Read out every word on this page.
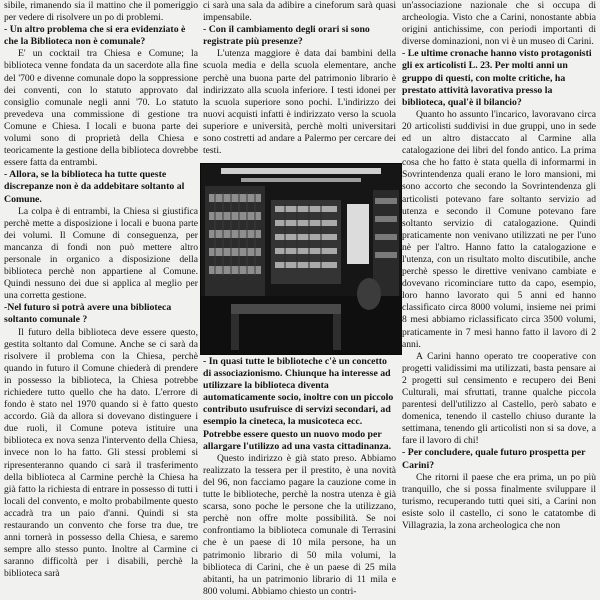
sibile, rimanendo sia il mattino che il pomeriggio per vedere di risolvere un po di problemi.

- Un altro problema che si era evidenziato è che la Biblioteca non è comunale?

E' un cocktail tra Chiesa e Comune; la biblioteca venne fondata da un sacerdote alla fine del '700 e divenne comunale dopo la soppressione dei conventi, con lo statuto approvato dal consiglio comunale negli anni '70. Lo statuto prevedeva una commissione di gestione tra Comune e Chiesa. I locali e buona parte dei volumi sono di proprietà della Chiesa e teoricamente la gestione della biblioteca dovrebbe essere fatta da entrambi.

- Allora, se la biblioteca ha tutte queste discrepanze non è da addebitare soltanto al Comune.

La colpa è di entrambi, la Chiesa si giustifica perchè mette a disposizione i locali e buona parte dei volumi. Il Comune di conseguenza, per mancanza di fondi non può mettere altro personale in organico a disposizione della biblioteca perchè non appartiene al Comune. Quindi nessuno dei due si applica al meglio per una corretta gestione.

-Nel futuro si potrà avere una biblioteca soltanto comunale ?

Il futuro della biblioteca deve essere questo, gestita soltanto dal Comune. Anche se ci sarà da risolvere il problema con la Chiesa, perchè quando in futuro il Comune chiederà di prendere in possesso la biblioteca, la Chiesa potrebbe richiedere tutto quello che ha dato. L'errore di fondo è stato nel 1970 quando si è fatto questo accordo. Già da allora si dovevano distinguere i due ruoli, il Comune poteva istituire una biblioteca ex nova senza l'intervento della Chiesa, invece non lo ha fatto. Gli stessi problemi si ripresenteranno quando ci sarà il trasferimento della biblioteca al Carmine perchè la Chiesa ha già fatto la richiesta di entrare in possesso di tutti i locali del convento, e molto probabilmente questo accadrà tra un paio d'anni. Quindi si sta restaurando un convento che forse tra due, tre anni tornerà in possesso della Chiesa, e saremo sempre allo stesso punto. Inoltre al Carmine ci saranno difficoltà per i disabili, perchè la biblioteca sarà

ci sarà una sala da adibire a cineforum sarà quasi impensabile.

- Con il cambiamento degli orari si sono registrate più presenze?

L'utenza maggiore è data dai bambini della scuola media e della scuola elementare, anche perchè una buona parte del patrimonio librario è indirizzato alla scuola inferiore. I testi idonei per la scuola superiore sono pochi. L'indirizzo dei nuovi acquisti infatti è indirizzato verso la scuola superiore e università, perchè molti universitari sono costretti ad andare a Palermo per cercare dei testi.

- In quasi tutte le biblioteche c'è un concetto di associazionismo. Chiunque ha interesse ad utilizzare la biblioteca diventa automaticamente socio, inoltre con un piccolo contributo usufruisce di servizi secondari, ad esempio la cineteca, la musicoteca ecc. Potrebbe essere questo un nuovo modo per allargare l'utilizzo ad una vasta cittadinanza.

Questo indirizzo è già stato preso. Abbiamo realizzato la tessera per il prestito, è una novità del 96, non facciamo pagare la cauzione come in tutte le biblioteche, perchè la nostra utenza è già scarsa, sono poche le persone che la utilizzano, perchè non offre molte possibilità. Se noi confrontiamo la biblioteca comunale di Terrasini che è un paese di 10 mila persone, ha un patrimonio librario di 50 mila volumi, la biblioteca di Carini, che è un paese di 25 mila abitanti, ha un patrimonio librario di 11 mila e 800 volumi. Abbiamo chiesto un contri-

un'associazione nazionale che si occupa di archeologia. Visto che a Carini, nonostante abbia origini antichissime, con periodi importanti di diverse dominazioni, non vi è un museo di Carini.

- Le ultime cronache hanno visto protagonisti gli ex articolisti L. 23. Per molti anni un gruppo di questi, con molte critiche, ha prestato attività lavorativa presso la biblioteca, qual'è il bilancio?

Quanto ho assunto l'incarico, lavoravano circa 20 articolisti suddivisi in due gruppi, uno in sede ed un altro distaccato al Carmine alla catalogazione dei libri del fondo antico. La prima cosa che ho fatto è stata quella di informarmi in Sovrintendenza quali erano le loro mansioni, mi sono accorto che secondo la Sovrintendenza gli articolisti potevano fare soltanto servizio ad utenza e secondo il Comune potevano fare soltanto servizio di catalogazione. Quindi praticamente non venivano utilizzati ne per l'uno nè per l'altro. Hanno fatto la catalogazione e l'utenza, con un risultato molto discutibile, anche perchè spesso le direttive venivano cambiate e dovevano ricominciare tutto da capo, esempio, loro hanno lavorato qui 5 anni ed hanno classificato circa 8000 volumi, insieme nei primi 8 mesi abbiamo riclassificato circa 3500 volumi, praticamente in 7 mesi hanno fatto il lavoro di 2 anni.

A Carini hanno operato tre cooperative con progetti validissimi ma utilizzati, basta pensare ai 2 progetti sul censimento e recupero dei Beni Culturali, mai sfruttati, tranne qualche piccola parentesi dell'utilizzo al Castello, però sabato e domenica, tenendo il castello chiuso durante la settimana, tenendo gli articolisti non si sa dove, a fare il lavoro di chi!

- Per concludere, quale futuro prospetta per Carini?

Che ritorni il paese che era prima, un po più tranquillo, che si possa finalmente sviluppare il turismo, recuperando tutti quei siti, a Carini non esiste solo il castello, ci sono le catatombe di Villagrazia, la zona archeologica che non
